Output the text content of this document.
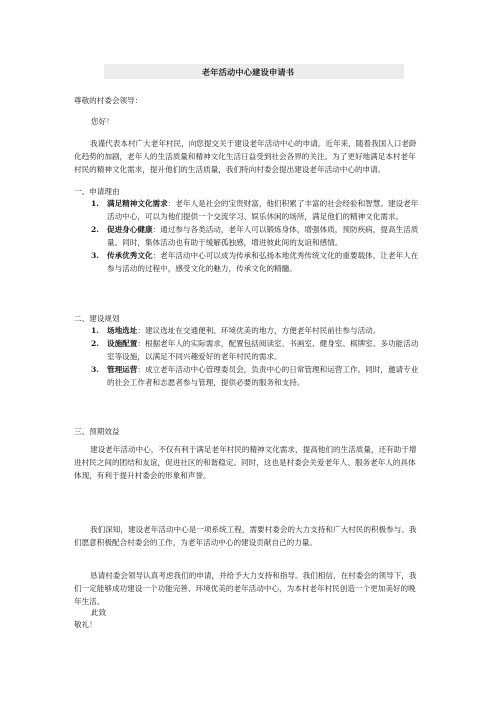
老年活动中心建设申请书
尊敬的村委会领导：
您好！
我谨代表本村广大老年村民，向您提交关于建设老年活动中心的申请。近年来，随着我国人口老龄化趋势的加剧，老年人的生活质量和精神文化生活日益受到社会各界的关注。为了更好地满足本村老年村民的精神文化需求，提升他们的生活质量，我们特向村委会提出建设老年活动中心的申请。
一、申请理由
1. 满足精神文化需求：老年人是社会的宝贵财富，他们积累了丰富的社会经验和智慧。建设老年活动中心，可以为他们提供一个交流学习、娱乐休闲的场所，满足他们的精神文化需求。
2. 促进身心健康：通过参与各类活动，老年人可以锻炼身体，增强体质，预防疾病，提高生活质量。同时，集体活动也有助于缓解孤独感，增进彼此间的友谊和感情。
3. 传承优秀文化：老年活动中心可以成为传承和弘扬本地优秀传统文化的重要载体，让老年人在参与活动的过程中，感受文化的魅力，传承文化的精髓。
二、建设规划
1. 场地选址：建议选址在交通便利、环境优美的地方，方便老年村民前往参与活动。
2. 设施配置：根据老年人的实际需求，配置包括阅读室、书画室、健身室、棋牌室、多功能活动室等设施，以满足不同兴趣爱好的老年村民的需求。
3. 管理运营：成立老年活动中心管理委员会，负责中心的日常管理和运营工作。同时，邀请专业的社会工作者和志愿者参与管理，提供必要的服务和支持。
三、预期效益
建设老年活动中心，不仅有利于满足老年村民的精神文化需求，提高他们的生活质量，还有助于增进村民之间的团结和友谊，促进社区的和谐稳定。同时，这也是村委会关爱老年人、服务老年人的具体体现，有利于提升村委会的形象和声誉。
我们深知，建设老年活动中心是一项系统工程，需要村委会的大力支持和广大村民的积极参与。我们愿意积极配合村委会的工作，为老年活动中心的建设贡献自己的力量。
恳请村委会领导认真考虑我们的申请，并给予大力支持和指导。我们相信，在村委会的领导下，我们一定能够成功建设一个功能完善、环境优美的老年活动中心，为本村老年村民创造一个更加美好的晚年生活。
此致
敬礼！
